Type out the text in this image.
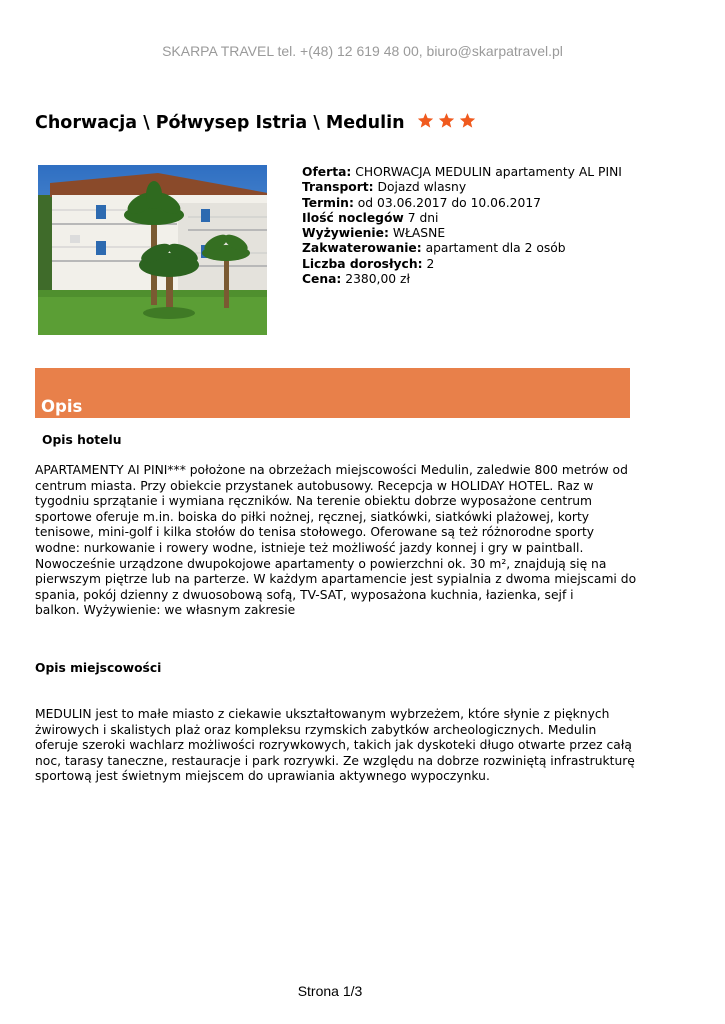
SKARPA TRAVEL tel. +(48) 12 619 48 00, biuro@skarpatravel.pl
Chorwacja \ Półwysep Istria \ Medulin
Oferta: CHORWACJA MEDULIN apartamenty AL PINI
Transport: Dojazd wlasny
Termin: od 03.06.2017 do 10.06.2017
Ilość noclegów 7 dni
Wyżywienie: WŁASNE
Zakwaterowanie: apartament dla 2 osób
Liczba dorosłych: 2
Cena: 2380,00 zł
Opis
Opis hotelu
APARTAMENTY AI PINI*** położone na obrzeżach miejscowości Medulin, zaledwie 800 metrów od
centrum miasta. Przy obiekcie przystanek autobusowy. Recepcja w HOLIDAY HOTEL. Raz w
tygodniu sprzątanie i wymiana ręczników. Na terenie obiektu dobrze wyposażone centrum
sportowe oferuje m.in. boiska do piłki nożnej, ręcznej, siatkówki, siatkówki plażowej, korty
tenisowe, mini-golf i kilka stołów do tenisa stołowego. Oferowane są też różnorodne sporty
wodne: nurkowanie i rowery wodne, istnieje też możliwość jazdy konnej i gry w paintball.
Nowocześnie urządzone dwupokojowe apartamenty o powierzchni ok. 30 m², znajdują się na
pierwszym piętrze lub na parterze. W każdym apartamencie jest sypialnia z dwoma miejscami do
spania, pokój dzienny z dwuosobową sofą, TV-SAT, wyposażona kuchnia, łazienka, sejf i
balkon. Wyżywienie: we własnym zakresie
Opis miejscowości
MEDULIN jest to małe miasto z ciekawie ukształtowanym wybrzeżem, które słynie z pięknych
żwirowych i skalistych plaż oraz kompleksu rzymskich zabytków archeologicznych. Medulin
oferuje szeroki wachlarz możliwości rozrywkowych, takich jak dyskoteki długo otwarte przez całą
noc, tarasy taneczne, restauracje i park rozrywki. Ze względu na dobrze rozwiniętą infrastrukturę
sportową jest świetnym miejscem do uprawiania aktywnego wypoczynku.
Strona 1/3
